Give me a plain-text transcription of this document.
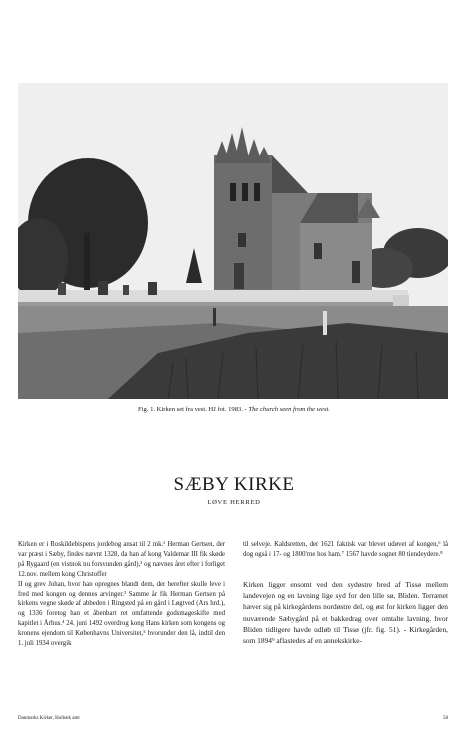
Fig. 1. Kirken set fra vest. HJ fot. 1983. - The church seen from the west.
SÆBY KIRKE
LØVE HERRED

Kirken er i Roskildebispens jordebog ansat til 2 mk.¹ Herman Gertsen, der var præst i Sæby, findes nævnt 1328, da han af kong Valdemar III fik skøde på Rygaard (en vistnok nu forsvunden gård),² og nævnes året efter i forliget 12.nov. mellem kong Christoffer

II og grev Johan, hvor han opregnes blandt dem, der herefter skulle leve i fred med kongen og dennes arvinger.³ Samme år fik Herman Gertsen på kirkens vegne skøde af abbeden i Ringsted på en gård i Løgtved (Ars hrd.), og 1336 foretog han et åbenbart ret omfattende godsmageskifte med kapitlet i Århus.⁴ 24. juni 1492 overdrog kong Hans kirken som kongens og kronens ejendom til Københavns Universitet,⁵ hvorunder den lå, indtil den 1. juli 1934 overgik

til selveje. Kaldsretten, der 1621 faktisk var blevet udøvet af kongen,⁶ lå dog også i 17- og 1800'rne hos ham.⁷ 1567 havde sognet 80 tiendeydere.⁸

Kirken ligger ensomt ved den sydøstre bred af Tissø mellem landevejen og en lavning lige syd for den lille sø, Bliden. Terrænet hæver sig på kirkegårdens nordøstre del, og øst for kirken ligger den nuværende Sæbygård på et bakkedrag over omtalte lavning, hvor Bliden tidligere havde udløb til Tissø (jfr. fig. 51). - Kirkegården, som 1894⁹ aflastedes af en annekskirke-

Danmarks Kirker, Holbæk amt	58
